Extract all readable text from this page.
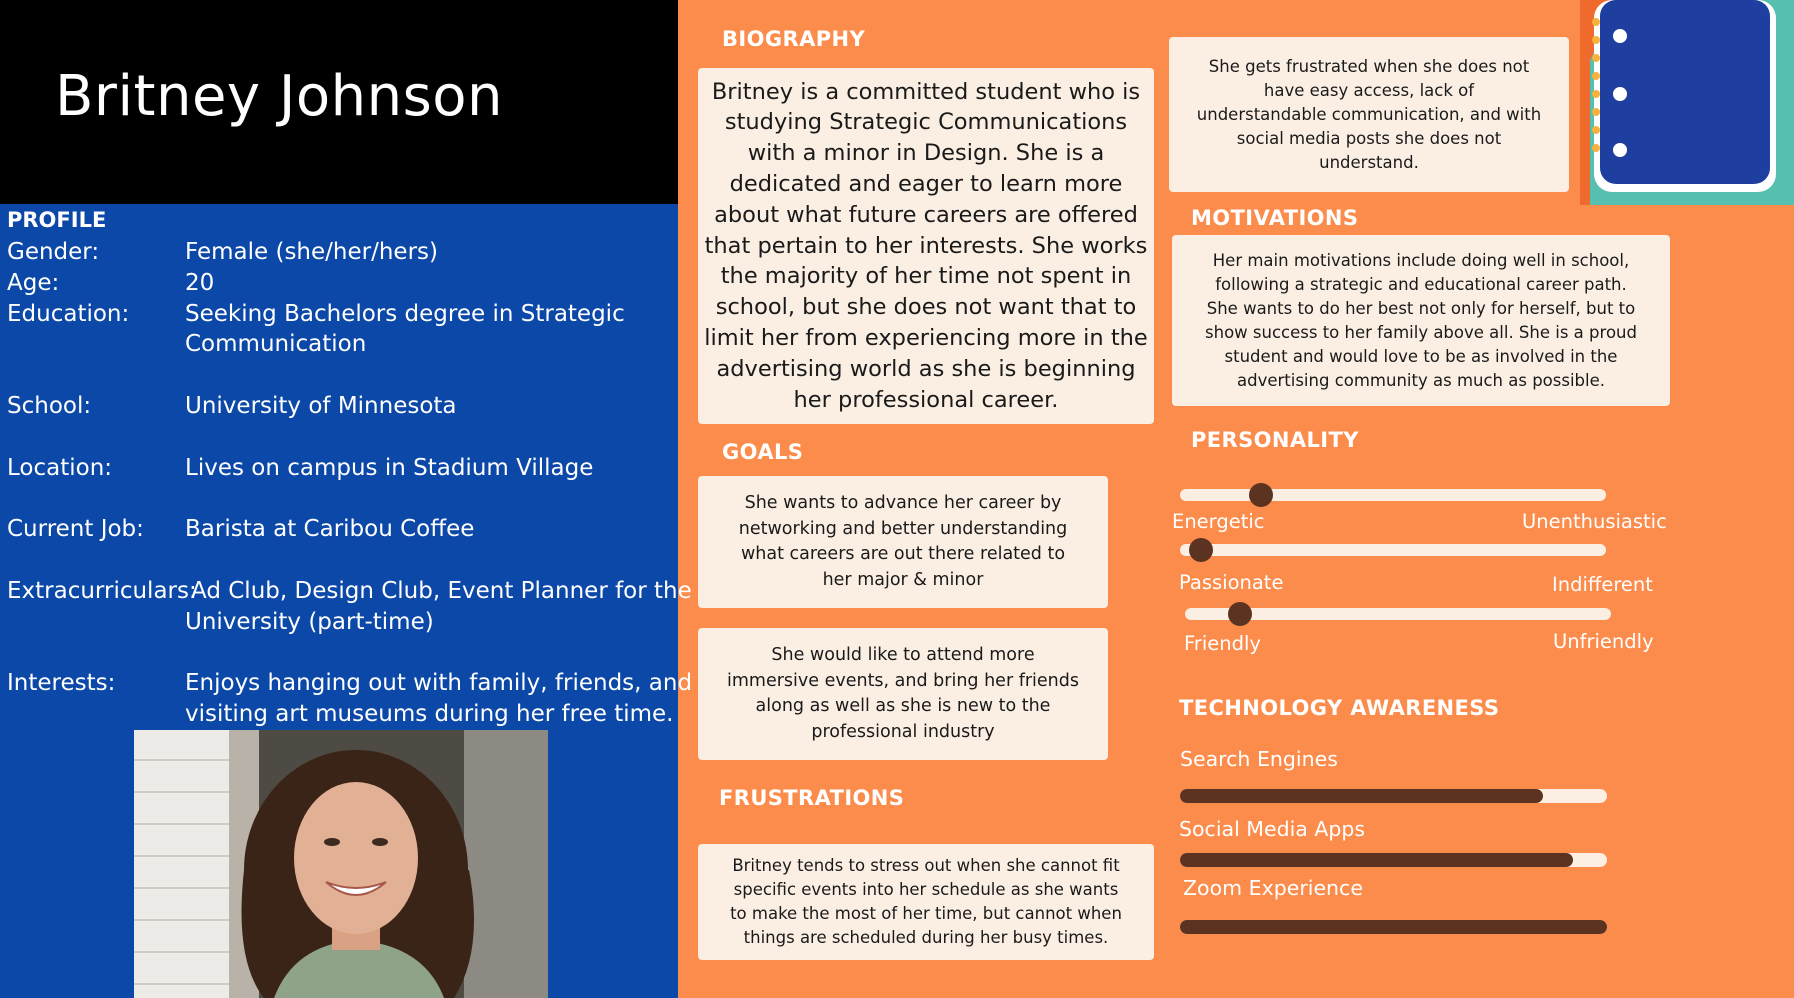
Britney Johnson
PROFILE
Gender:	Female (she/her/hers)
Age:	20
Education: Seeking Bachelors degree in Strategic
Communication
School:	University of Minnesota
Location:	Lives on campus in Stadium Village
Current Job: Barista at Caribou Coffee
Extracurriculars:
Ad Club, Design Club, Event Planner for the
University (part-time)
Interests:	Enjoys hanging out with family, friends, and
visiting art museums during her free time.
BIOGRAPHY
Britney is a committed student who is
studying Strategic Communications
with a minor in Design. She is a
dedicated and eager to learn more
about what future careers are offered
that pertain to her interests. She works
the majority of her time not spent in
school, but she does not want that to
limit her from experiencing more in the
advertising world as she is beginning
her professional career.
GOALS
She wants to advance her career by
networking and better understanding
what careers are out there related to
her major & minor
She would like to attend more
immersive events, and bring her friends
along as well as she is new to the
professional industry
FRUSTRATIONS
Britney tends to stress out when she cannot fit
specific events into her schedule as she wants
to make the most of her time, but cannot when
things are scheduled during her busy times.
She gets frustrated when she does not
have easy access, lack of
understandable communication, and with
social media posts she does not
understand.
MOTIVATIONS
Her main motivations include doing well in school,
following a strategic and educational career path.
She wants to do her best not only for herself, but to
show success to her family above all. She is a proud
student and would love to be as involved in the
advertising community as much as possible.
PERSONALITY
Energetic	Unenthusiastic
Passionate	Indifferent
Friendly	Unfriendly
TECHNOLOGY AWARENESS
Search Engines
Social Media Apps
Zoom Experience
